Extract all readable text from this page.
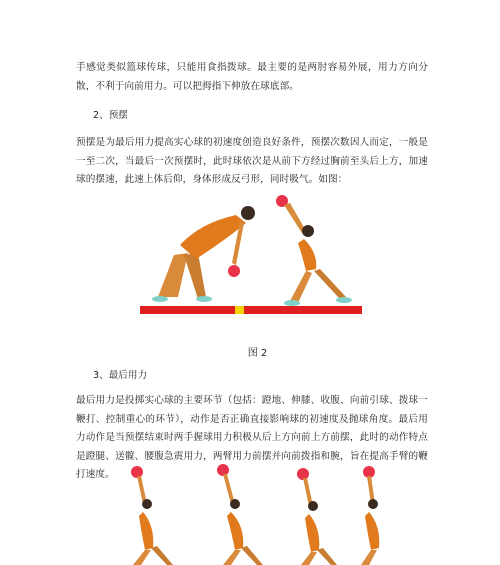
手感觉类似篮球传球，只能用食指拨球。最主要的是两肘容易外展，用力方向分散，不利于向前用力。可以把拇指下伸放在球底部。

2、预摆

预摆是为最后用力提高实心球的初速度创造良好条件，预摆次数因人而定，一般是一至二次，当最后一次预摆时，此时球依次是从前下方经过胸前至头后上方，加速球的摆速，此速上体后仰，身体形成反弓形，同时吸气。如图：

图 2

3、最后用力

最后用力是投掷实心球的主要环节（包括：蹬地、伸膝、收腹、向前引球、拨球一鞭打、控制重心的环节），动作是否正确直接影响球的初速度及抛球角度。最后用力动作是当预摆结束时两手握球用力积极从后上方向前上方前摆，此时的动作特点是蹬腿、送髋、腰腹急震用力，两臂用力前摆并向前拨指和腕，旨在提高手臂的鞭打速度。
